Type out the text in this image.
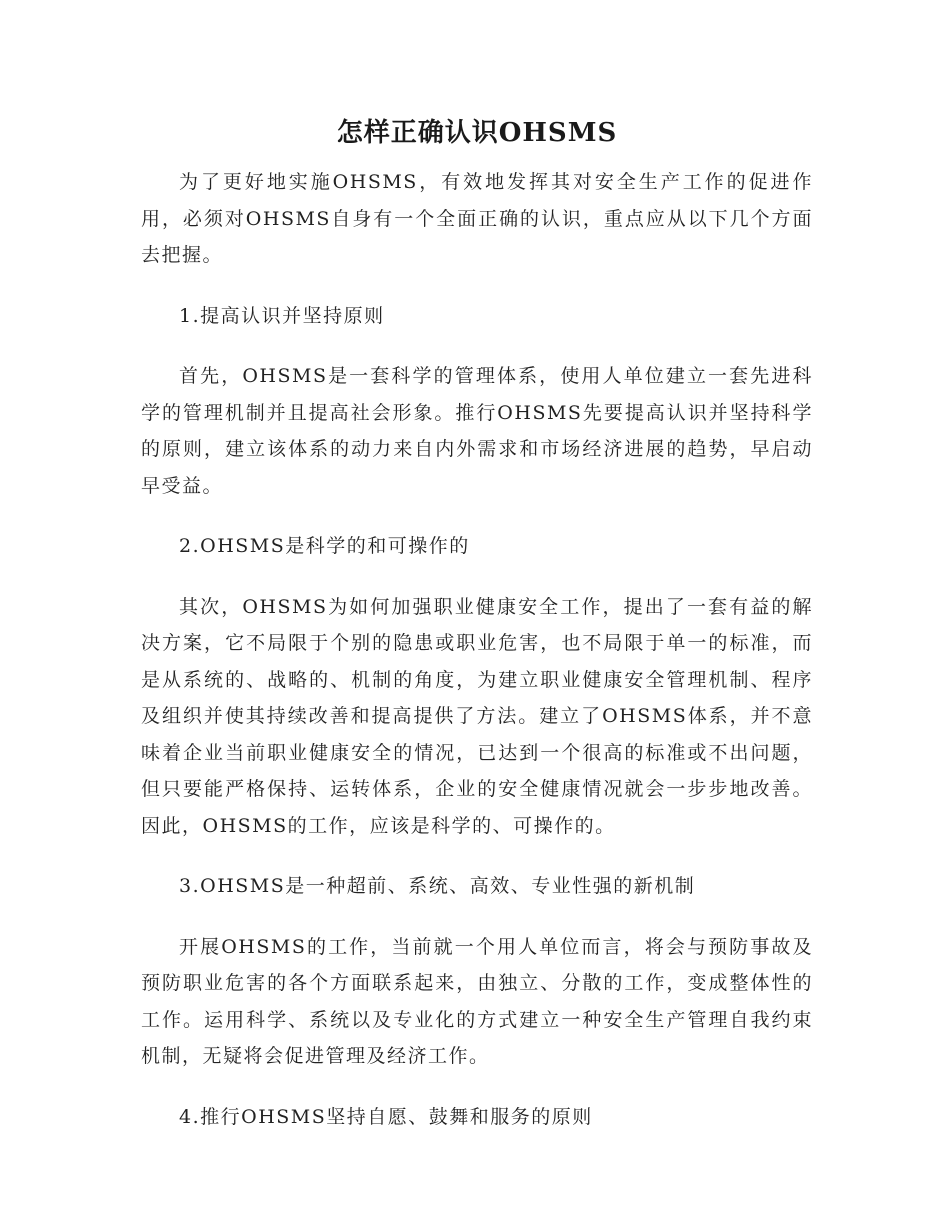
怎样正确认识OHSMS

为了更好地实施OHSMS，有效地发挥其对安全生产工作的促进作用，必须对OHSMS自身有一个全面正确的认识，重点应从以下几个方面去把握。

1.提高认识并坚持原则

首先，OHSMS是一套科学的管理体系，使用人单位建立一套先进科学的管理机制并且提高社会形象。推行OHSMS先要提高认识并坚持科学的原则，建立该体系的动力来自内外需求和市场经济进展的趋势，早启动早受益。

2.OHSMS是科学的和可操作的

其次，OHSMS为如何加强职业健康安全工作，提出了一套有益的解决方案，它不局限于个别的隐患或职业危害，也不局限于单一的标准，而是从系统的、战略的、机制的角度，为建立职业健康安全管理机制、程序及组织并使其持续改善和提高提供了方法。建立了OHSMS体系，并不意味着企业当前职业健康安全的情况，已达到一个很高的标准或不出问题，但只要能严格保持、运转体系，企业的安全健康情况就会一步步地改善。因此，OHSMS的工作，应该是科学的、可操作的。

3.OHSMS是一种超前、系统、高效、专业性强的新机制

开展OHSMS的工作，当前就一个用人单位而言，将会与预防事故及预防职业危害的各个方面联系起来，由独立、分散的工作，变成整体性的工作。运用科学、系统以及专业化的方式建立一种安全生产管理自我约束机制，无疑将会促进管理及经济工作。

4.推行OHSMS坚持自愿、鼓舞和服务的原则
